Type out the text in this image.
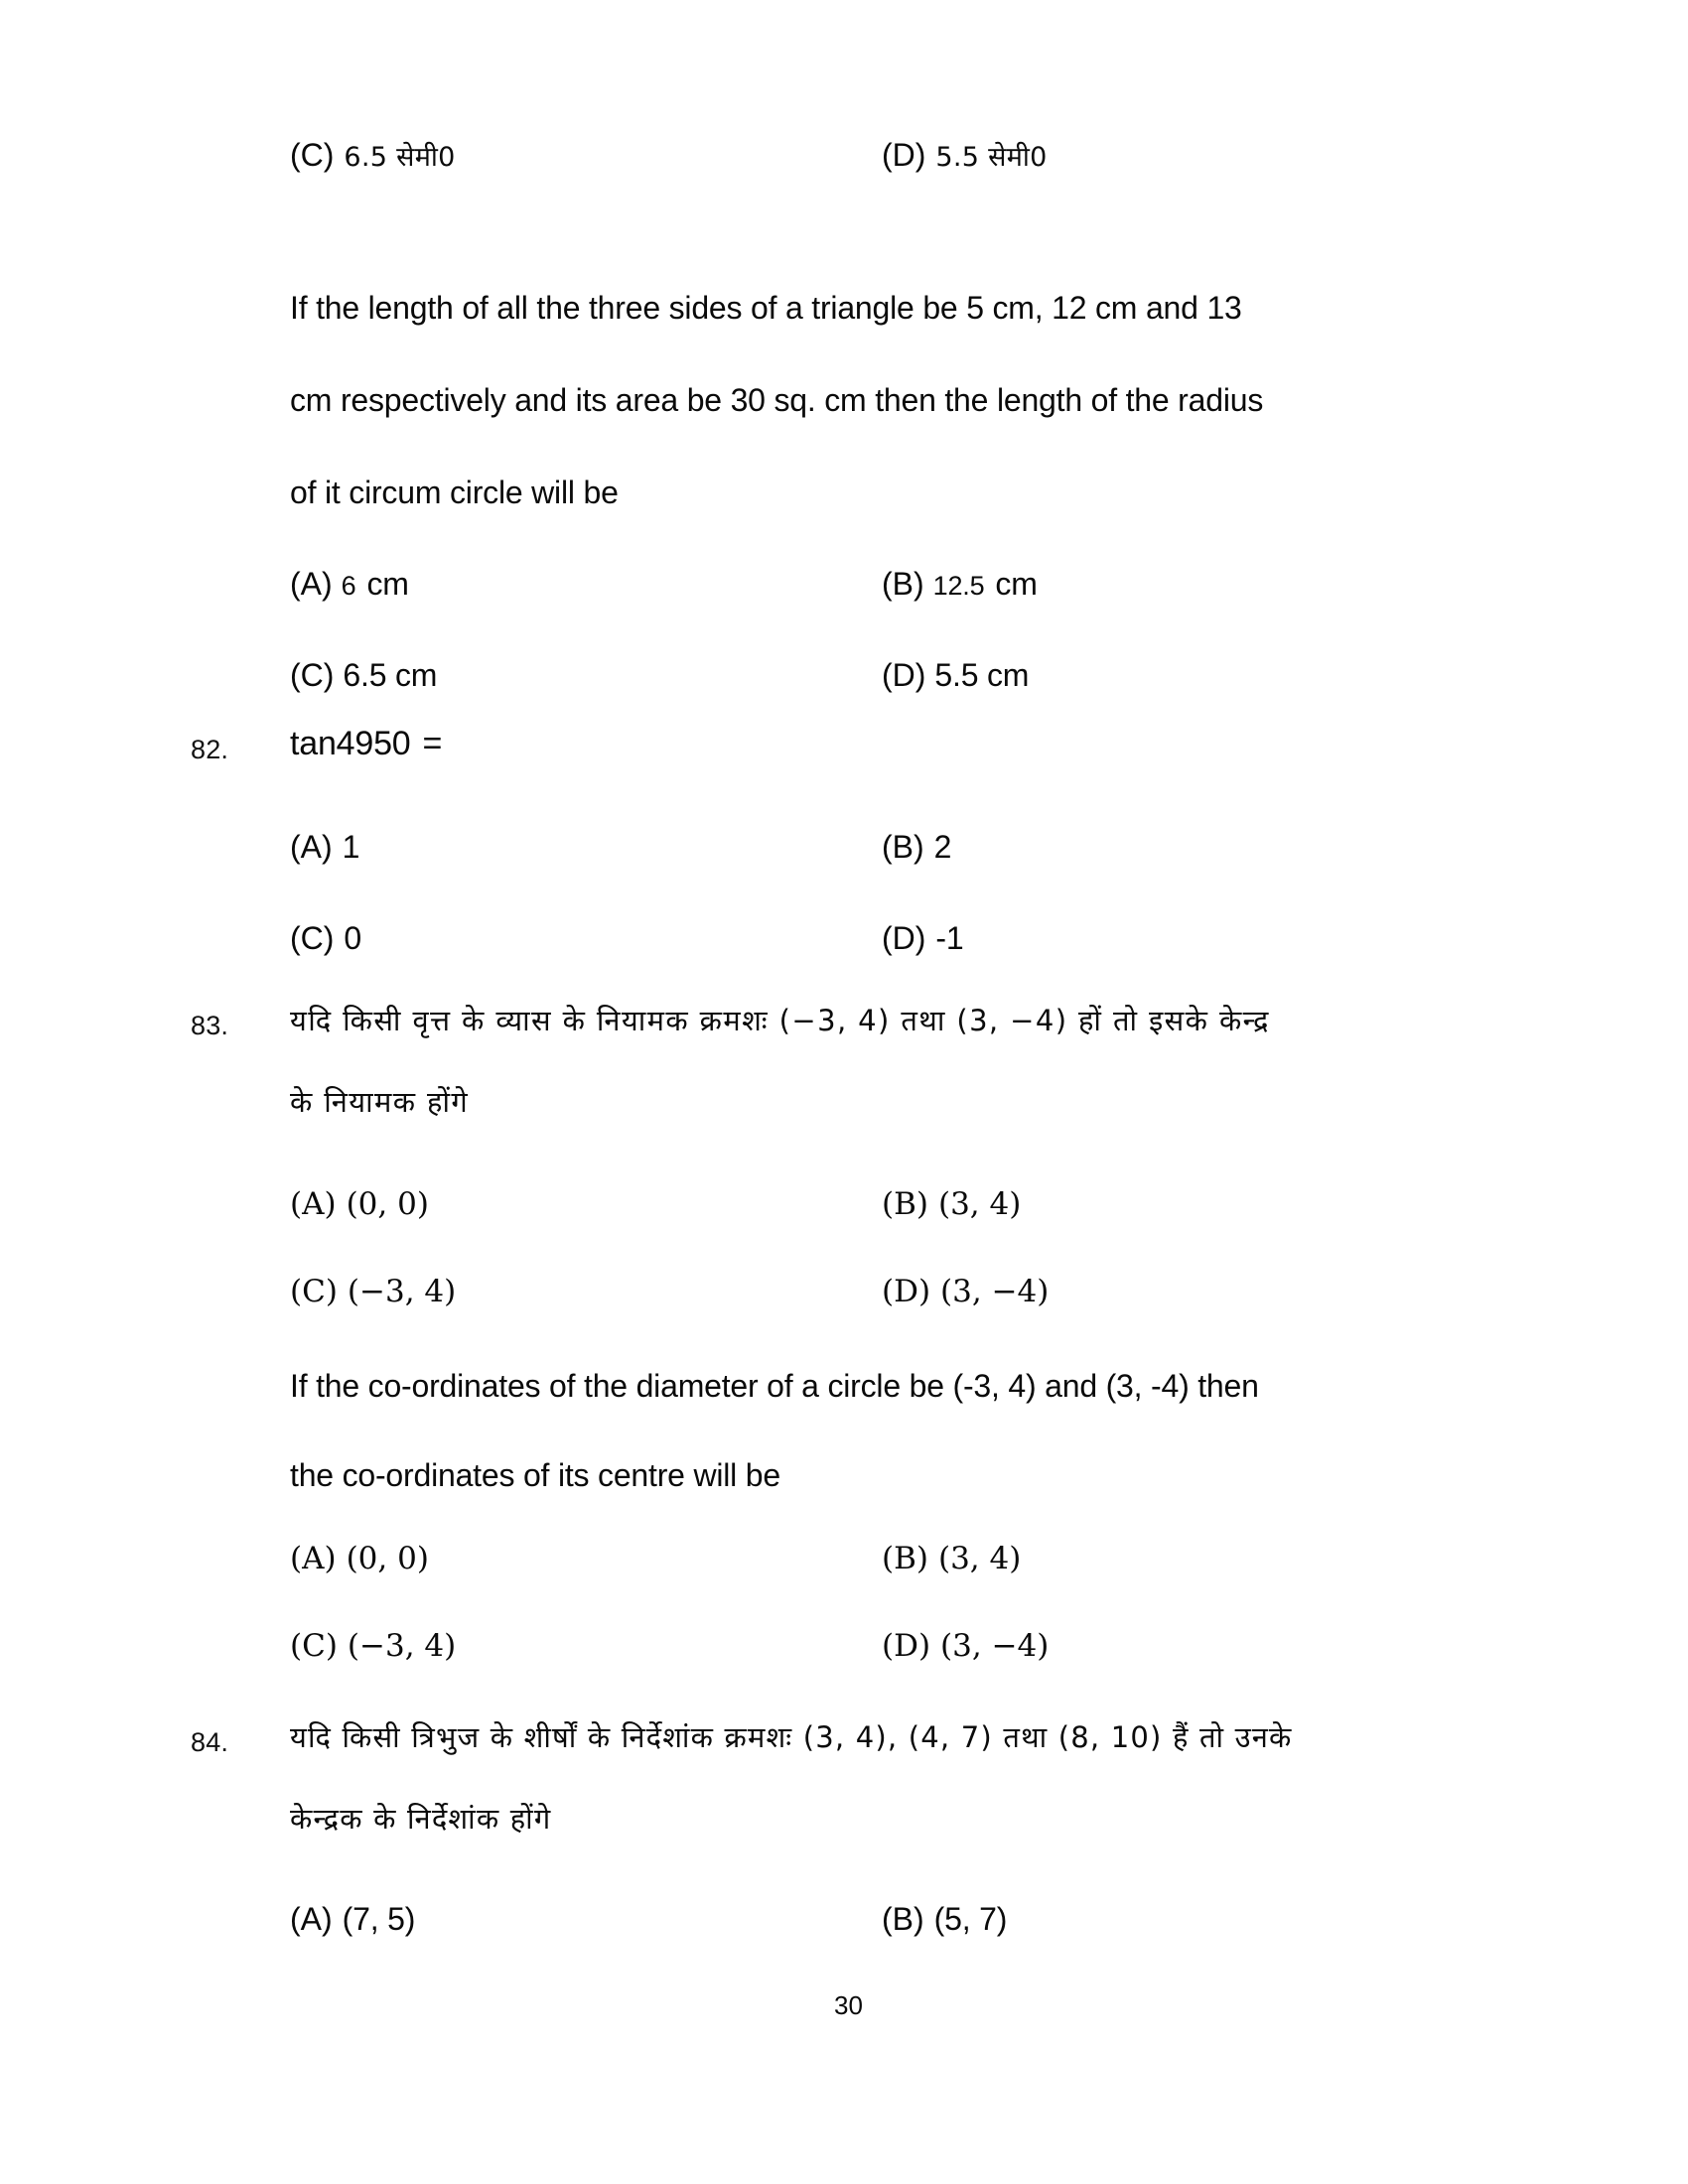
(C) 6.5 सेमी0	(D) 5.5 सेमी0
If the length of all the three sides of a triangle be 5 cm, 12 cm and 13
cm respectively and its area be 30 sq. cm then the length of the radius
of it circum circle will be
(A) 6 cm	(B) 12.5 cm
(C) 6.5 cm	(D) 5.5 cm
82. tan495 0 =
(A) 1	(B) 2
(C) 0	(D) -1
83. यदि किसी वृत्त के व्यास के नियामक क्रमशः (−3, 4) तथा (3, −4) हों तो इसके केन्द्र
के नियामक होंगे
(A) (0, 0)	(B) (3, 4)
(C) (−3, 4)	(D) (3, −4)
If the co-ordinates of the diameter of a circle be (-3, 4) and (3, -4) then
the co-ordinates of its centre will be
(A) (0, 0)	(B) (3, 4)
(C) (−3, 4)	(D) (3, −4)
84. यदि किसी त्रिभुज के शीर्षों के निर्देशांक क्रमशः (3, 4), (4, 7) तथा (8, 10) हैं तो उनके
केन्द्रक के निर्देशांक होंगे
(A) (7, 5)	(B) (5, 7)
30
